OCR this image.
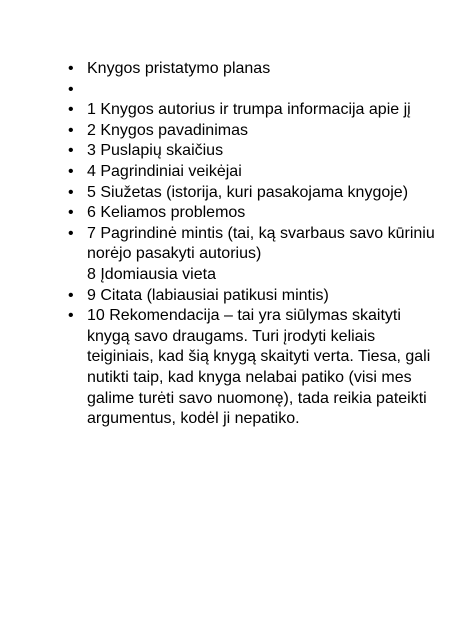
• Knygos pristatymo planas
•
• 1 Knygos autorius ir trumpa informacija apie jį
• 2 Knygos pavadinimas
• 3 Puslapių skaičius
• 4 Pagrindiniai veikėjai
• 5 Siužetas (istorija, kuri pasakojama knygoje)
• 6 Keliamos problemos
• 7 Pagrindinė mintis (tai, ką svarbaus savo kūriniu norėjo pasakyti autorius)
8 Įdomiausia vieta
• 9 Citata (labiausiai patikusi mintis)
• 10 Rekomendacija – tai yra siūlymas skaityti knygą savo draugams. Turi įrodyti keliais teiginiais, kad šią knygą skaityti verta. Tiesa, gali nutikti taip, kad knyga nelabai patiko (visi mes galime turėti savo nuomonę), tada reikia pateikti argumentus, kodėl ji nepatiko.
